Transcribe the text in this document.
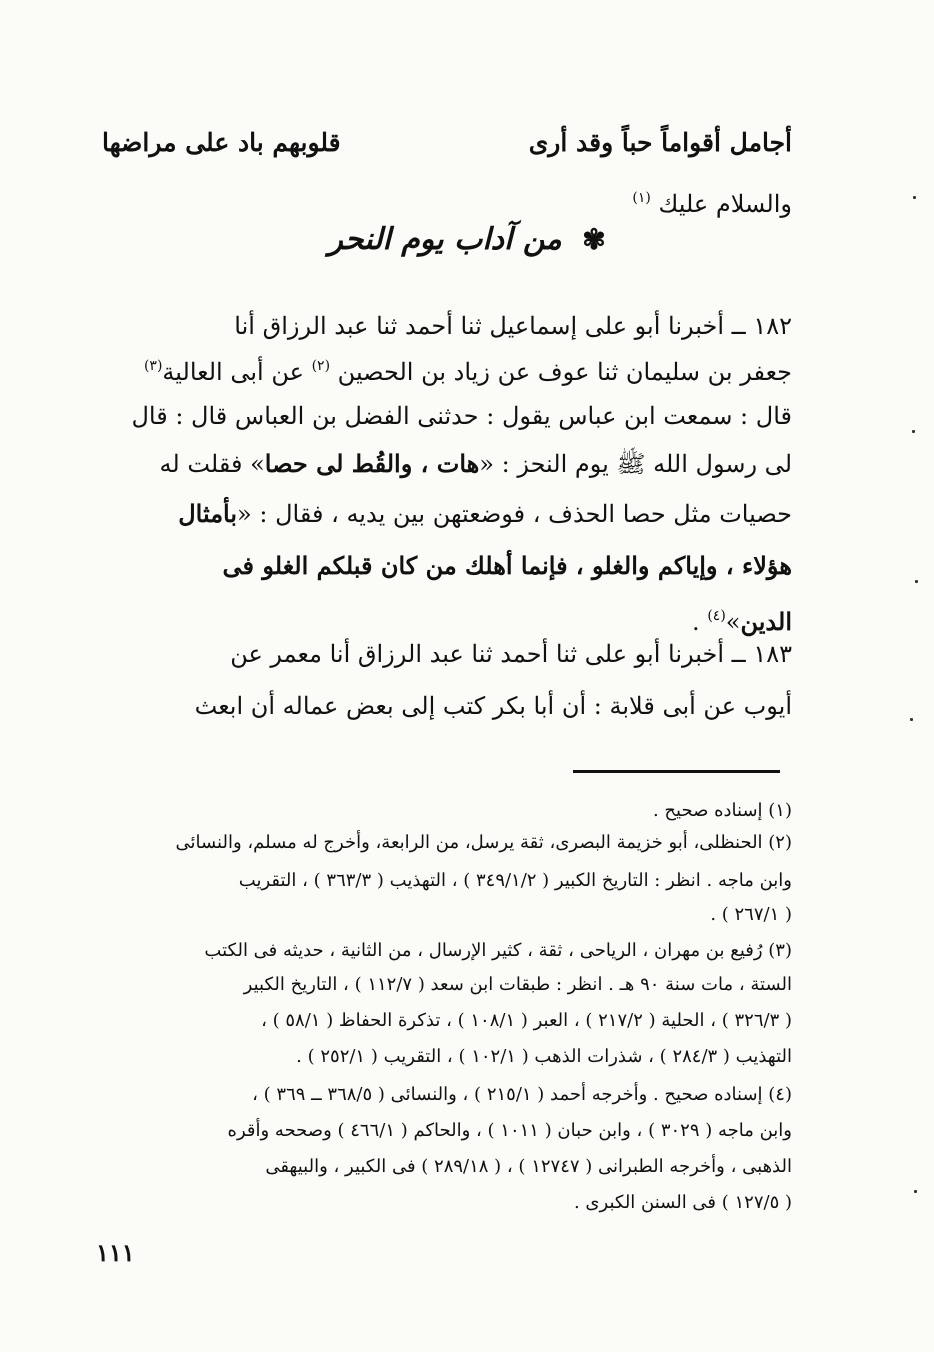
أجامل أقواماً حباً وقد أرى
قلوبهم باد على مراضها
والسلام عليك $^{(١)}$
✾ من آداب يوم النحر
١٨٢ ــ أخبرنا أبو على إسماعيل ثنا أحمد ثنا عبد الرزاق أنا
جعفر بن سليمان ثنا عوف عن زياد بن الحصين $^{(٢)}$ عن أبى العالية$^{(٣)}$
قال : سمعت ابن عباس يقول : حدثنى الفضل بن العباس قال : قال
لى رسول الله ﷺ يوم النحز : «هات ، والقُط لى حصا» فقلت له
حصيات مثل حصا الحذف ، فوضعتهن بين يديه ، فقال : «بأمثال
هؤلاء ، وإياكم والغلو ، فإنما أهلك من كان قبلكم الغلو فى
الدين»$^{(٤)}$ .
١٨٣ ــ أخبرنا أبو على ثنا أحمد ثنا عبد الرزاق أنا معمر عن
أيوب عن أبى قلابة : أن أبا بكر كتب إلى بعض عماله أن ابعث
(١) إسناده صحيح .
(٢) الحنظلى، أبو خزيمة البصرى، ثقة يرسل، من الرابعة، وأخرج له مسلم، والنسائى
وابن ماجه . انظر : التاريخ الكبير ( ٣٤٩/١/٢ ) ، التهذيب ( ٣٦٣/٣ ) ، التقريب
( ٢٦٧/١ ) .
(٣) رُفيع بن مهران ، الرياحى ، ثقة ، كثير الإرسال ، من الثانية ، حديثه فى الكتب
الستة ، مات سنة ٩٠ هـ . انظر : طبقات ابن سعد ( ١١٢/٧ ) ، التاريخ الكبير
( ٣٢٦/٣ ) ، الحلية ( ٢١٧/٢ ) ، العبر ( ١٠٨/١ ) ، تذكرة الحفاظ ( ٥٨/١ ) ،
التهذيب ( ٢٨٤/٣ ) ، شذرات الذهب ( ١٠٢/١ ) ، التقريب ( ٢٥٢/١ ) .
(٤) إسناده صحيح . وأخرجه أحمد ( ٢١٥/١ ) ، والنسائى ( ٣٦٨/٥ ــ ٣٦٩ ) ،
وابن ماجه ( ٣٠٢٩ ) ، وابن حبان ( ١٠١١ ) ، والحاكم ( ٤٦٦/١ ) وصححه وأقره
الذهبى ، وأخرجه الطبرانى ( ١٢٧٤٧ ) ، ( ٢٨٩/١٨ ) فى الكبير ، والبيهقى
( ١٢٧/٥ ) فى السنن الكبرى .
١١١
